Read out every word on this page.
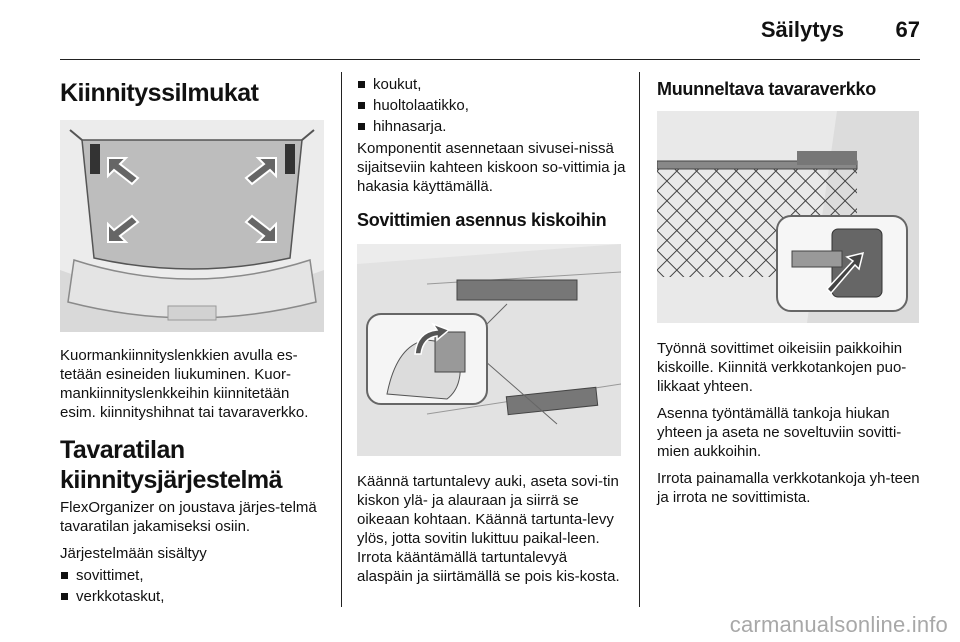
Säilytys 67
Kiinnityssilmukat

Kuormankiinnityslenkkien avulla es-tetään esineiden liukuminen. Kuor-mankiinnityslenkkeihin kiinnitetään esim. kiinnityshihnat tai tavaraverkko.

Tavaratilan
kiinnitysjärjestelmä

FlexOrganizer on joustava järjes-telmä tavaratilan jakamiseksi osiin.

Järjestelmään sisältyy

sovittimet,
verkkotaskut,
koukut,
huoltolaatikko,
hihnasarja.

Komponentit asennetaan sivusei-nissä sijaitseviin kahteen kiskoon so-vittimia ja hakasia käyttämällä.

Sovittimien asennus kiskoihin

Käännä tartuntalevy auki, aseta sovi-tin kiskon ylä- ja alauraan ja siirrä se oikeaan kohtaan. Käännä tartunta-levy ylös, jotta sovitin lukittuu paikal-leen. Irrota kääntämällä tartuntalevyä alaspäin ja siirtämällä se pois kis-kosta.

Muunneltava tavaraverkko

Työnnä sovittimet oikeisiin paikkoihin kiskoille. Kiinnitä verkkotankojen puo-likkaat yhteen.

Asenna työntämällä tankoja hiukan yhteen ja aseta ne soveltuviin sovitti-mien aukkoihin.

Irrota painamalla verkkotankoja yh-teen ja irrota ne sovittimista.

carmanualsonline.info
